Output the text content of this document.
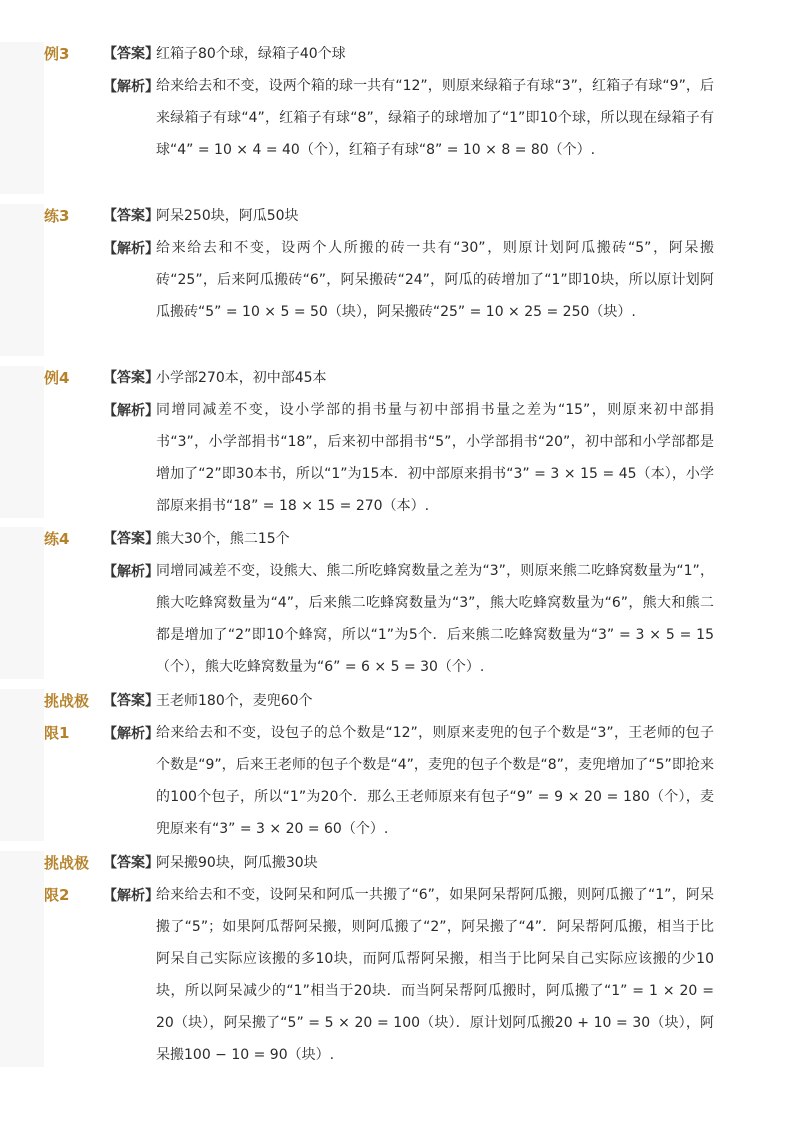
例3 【答案】
红箱子80个球，绿箱子40个球
【解析】
给来给去和不变，设两个箱的球一共有“12”，则原来绿箱子有球“3”，红箱子有球“9”，后来绿箱子有球“4”，红箱子有球“8”，绿箱子的球增加了“1”即10个球，所以现在绿箱子有球“4” = 10 × 4 = 40（个），红箱子有球“8” = 10 × 8 = 80（个）.
练3 【答案】
阿呆250块，阿瓜50块
【解析】
给来给去和不变，设两个人所搬的砖一共有“30”，则原计划阿瓜搬砖“5”，阿呆搬砖“25”，后来阿瓜搬砖“6”，阿呆搬砖“24”，阿瓜的砖增加了“1”即10块，所以原计划阿瓜搬砖“5” = 10 × 5 = 50（块），阿呆搬砖“25” = 10 × 25 = 250（块）.
例4 【答案】
小学部270本，初中部45本
【解析】
同增同减差不变，设小学部的捐书量与初中部捐书量之差为“15”，则原来初中部捐书“3”，小学部捐书“18”，后来初中部捐书“5”，小学部捐书“20”，初中部和小学部都是增加了“2”即30本书，所以“1”为15本．初中部原来捐书“3” = 3 × 15 = 45（本），小学部原来捐书“18” = 18 × 15 = 270（本）.
练4 【答案】
熊大30个，熊二15个
【解析】
同增同减差不变，设熊大、熊二所吃蜂窝数量之差为“3”，则原来熊二吃蜂窝数量为“1”，熊大吃蜂窝数量为“4”，后来熊二吃蜂窝数量为“3”，熊大吃蜂窝数量为“6”，熊大和熊二都是增加了“2”即10个蜂窝，所以“1”为5个．后来熊二吃蜂窝数量为“3” = 3 × 5 = 15（个），熊大吃蜂窝数量为“6” = 6 × 5 = 30（个）.
挑战极
限1
【答案】
王老师180个，麦兜60个
【解析】
给来给去和不变，设包子的总个数是“12”，则原来麦兜的包子个数是“3”，王老师的包子个数是“9”，后来王老师的包子个数是“4”，麦兜的包子个数是“8”，麦兜增加了“5”即抢来的100个包子，所以“1”为20个．那么王老师原来有包子“9” = 9 × 20 = 180（个），麦兜原来有“3” = 3 × 20 = 60（个）.
挑战极
限2
【答案】
阿呆搬90块，阿瓜搬30块
【解析】
给来给去和不变，设阿呆和阿瓜一共搬了“6”，如果阿呆帮阿瓜搬，则阿瓜搬了“1”，阿呆搬了“5”；如果阿瓜帮阿呆搬，则阿瓜搬了“2”，阿呆搬了“4”．阿呆帮阿瓜搬，相当于比阿呆自己实际应该搬的多10块，而阿瓜帮阿呆搬，相当于比阿呆自己实际应该搬的少10块，所以阿呆减少的“1”相当于20块．而当阿呆帮阿瓜搬时，阿瓜搬了“1” = 1 × 20 = 20（块），阿呆搬了“5” = 5 × 20 = 100（块）．原计划阿瓜搬20 + 10 = 30（块），阿呆搬100 − 10 = 90（块）.
